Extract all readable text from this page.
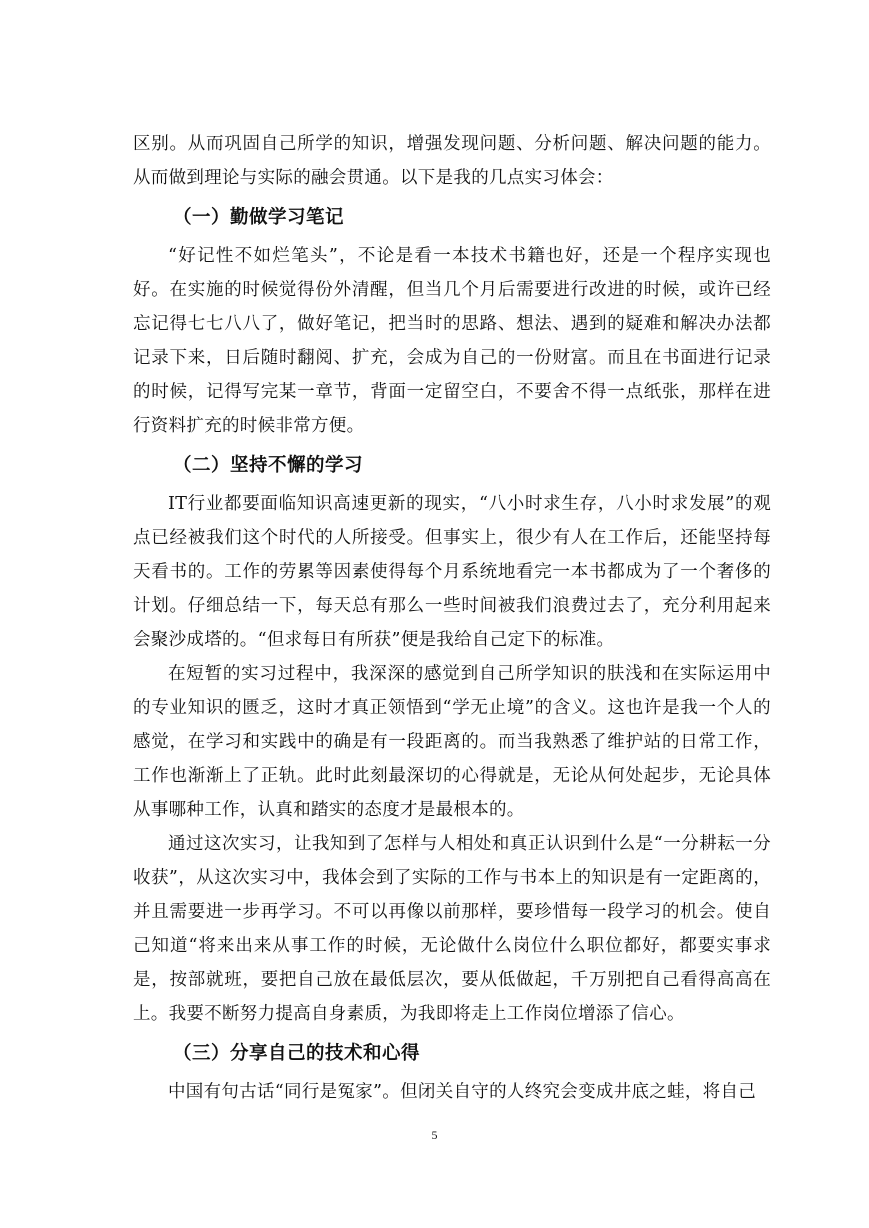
区别。从而巩固自己所学的知识，增强发现问题、分析问题、解决问题的能力。从而做到理论与实际的融会贯通。以下是我的几点实习体会：

（一）勤做学习笔记

“好记性不如烂笔头”，不论是看一本技术书籍也好，还是一个程序实现也好。在实施的时候觉得份外清醒，但当几个月后需要进行改进的时候，或许已经忘记得七七八八了，做好笔记，把当时的思路、想法、遇到的疑难和解决办法都记录下来，日后随时翻阅、扩充，会成为自己的一份财富。而且在书面进行记录的时候，记得写完某一章节，背面一定留空白，不要舍不得一点纸张，那样在进行资料扩充的时候非常方便。

（二）坚持不懈的学习

IT行业都要面临知识高速更新的现实，“八小时求生存，八小时求发展”的观点已经被我们这个时代的人所接受。但事实上，很少有人在工作后，还能坚持每天看书的。工作的劳累等因素使得每个月系统地看完一本书都成为了一个奢侈的计划。仔细总结一下，每天总有那么一些时间被我们浪费过去了，充分利用起来会聚沙成塔的。“但求每日有所获”便是我给自己定下的标准。

在短暂的实习过程中，我深深的感觉到自己所学知识的肤浅和在实际运用中的专业知识的匮乏，这时才真正领悟到“学无止境”的含义。这也许是我一个人的感觉，在学习和实践中的确是有一段距离的。而当我熟悉了维护站的日常工作，工作也渐渐上了正轨。此时此刻最深切的心得就是，无论从何处起步，无论具体从事哪种工作，认真和踏实的态度才是最根本的。

通过这次实习，让我知到了怎样与人相处和真正认识到什么是“一分耕耘一分收获”，从这次实习中，我体会到了实际的工作与书本上的知识是有一定距离的，并且需要进一步再学习。不可以再像以前那样，要珍惜每一段学习的机会。使自己知道“将来出来从事工作的时候，无论做什么岗位什么职位都好，都要实事求是，按部就班，要把自己放在最低层次，要从低做起，千万别把自己看得高高在上。我要不断努力提高自身素质，为我即将走上工作岗位增添了信心。

（三）分享自己的技术和心得

中国有句古话“同行是冤家”。但闭关自守的人终究会变成井底之蛙，将自己

5
